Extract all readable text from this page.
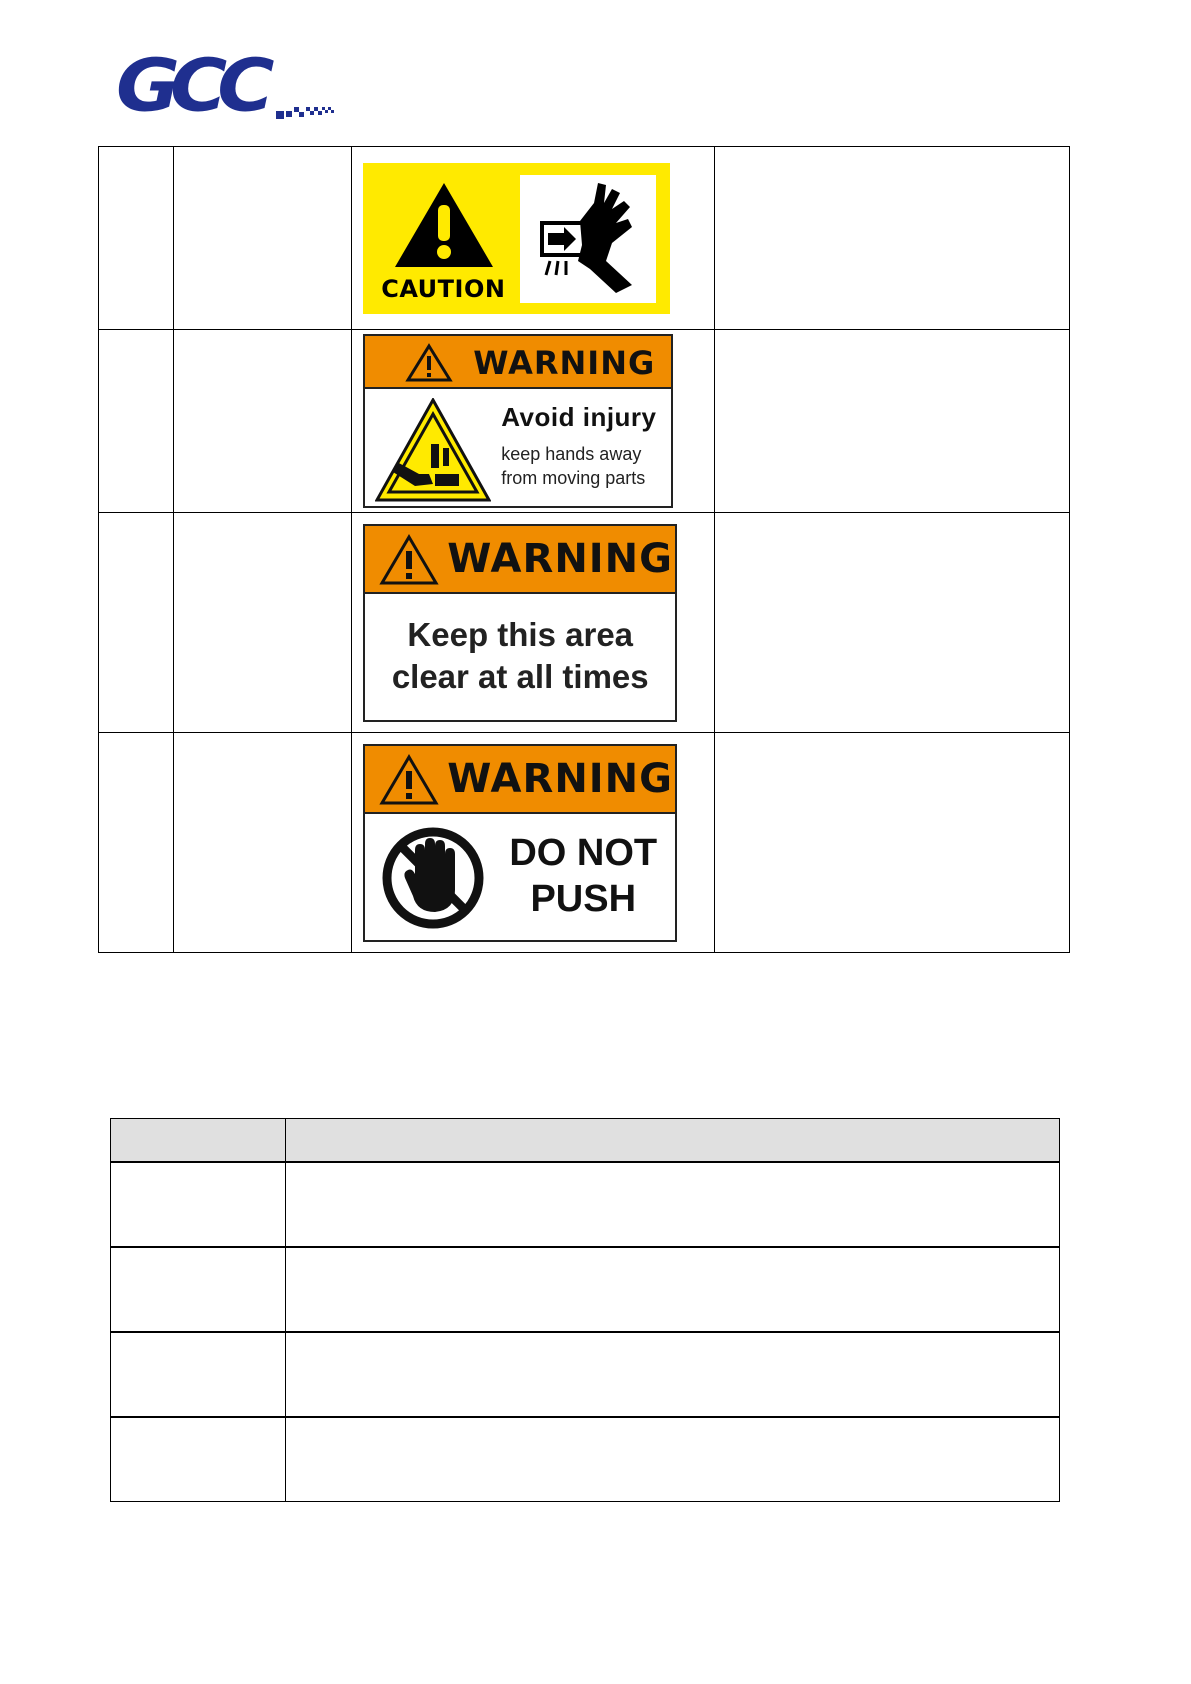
GCC

		CAUTION	

		WARNING
Avoid injury
keep hands away
from moving parts	

		WARNING
Keep this area
clear at all times	

		WARNING
DO NOT
PUSH	
